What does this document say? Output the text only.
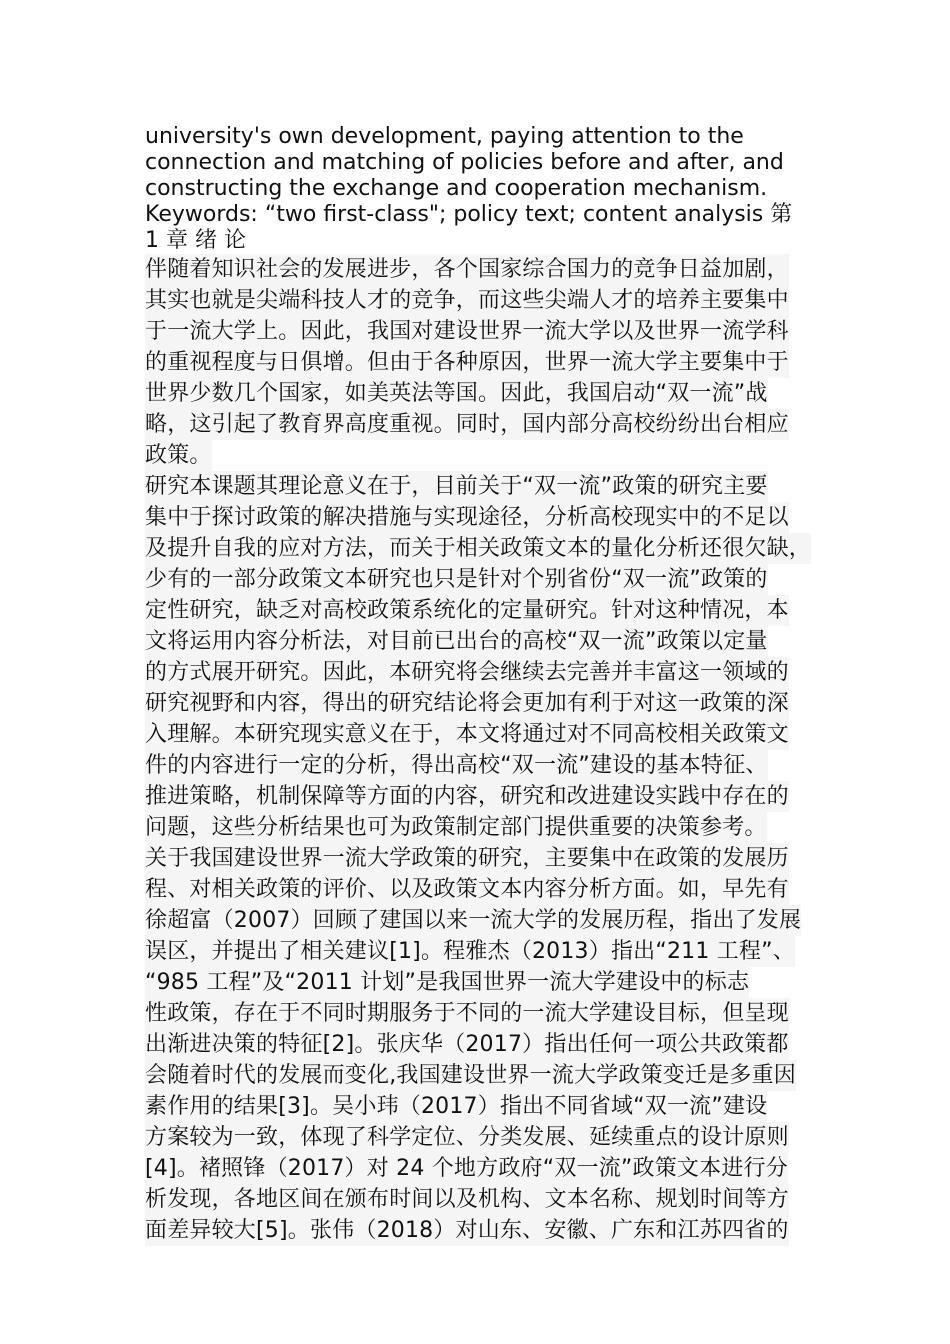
university's own development, paying attention to the
connection and matching of policies before and after, and
constructing the exchange and cooperation mechanism.
Keywords: “two first-class"; policy text; content analysis 第
1 章 绪 论
伴随着知识社会的发展进步，各个国家综合国力的竞争日益加剧，
其实也就是尖端科技人才的竞争，而这些尖端人才的培养主要集中
于一流大学上。因此，我国对建设世界一流大学以及世界一流学科
的重视程度与日俱增。但由于各种原因，世界一流大学主要集中于
世界少数几个国家，如美英法等国。因此，我国启动“双一流”战
略，这引起了教育界高度重视。同时，国内部分高校纷纷出台相应
政策。
研究本课题其理论意义在于，目前关于“双一流”政策的研究主要
集中于探讨政策的解决措施与实现途径，分析高校现实中的不足以
及提升自我的应对方法，而关于相关政策文本的量化分析还很欠缺，
少有的一部分政策文本研究也只是针对个别省份“双一流”政策的
定性研究，缺乏对高校政策系统化的定量研究。针对这种情况，本
文将运用内容分析法，对目前已出台的高校“双一流”政策以定量
的方式展开研究。因此，本研究将会继续去完善并丰富这一领域的
研究视野和内容，得出的研究结论将会更加有利于对这一政策的深
入理解。本研究现实意义在于，本文将通过对不同高校相关政策文
件的内容进行一定的分析，得出高校“双一流”建设的基本特征、
推进策略，机制保障等方面的内容，研究和改进建设实践中存在的
问题，这些分析结果也可为政策制定部门提供重要的决策参考。
关于我国建设世界一流大学政策的研究，主要集中在政策的发展历
程、对相关政策的评价、以及政策文本内容分析方面。如，早先有
徐超富（2007）回顾了建国以来一流大学的发展历程，指出了发展
误区，并提出了相关建议[1]。程雅杰（2013）指出“211 工程”、
“985 工程”及“2011 计划”是我国世界一流大学建设中的标志
性政策，存在于不同时期服务于不同的一流大学建设目标，但呈现
出渐进决策的特征[2]。张庆华（2017）指出任何一项公共政策都
会随着时代的发展而变化,我国建设世界一流大学政策变迁是多重因
素作用的结果[3]。吴小玮（2017）指出不同省域“双一流”建设
方案较为一致，体现了科学定位、分类发展、延续重点的设计原则
[4]。褚照锋（2017）对 24 个地方政府“双一流”政策文本进行分
析发现，各地区间在颁布时间以及机构、文本名称、规划时间等方
面差异较大[5]。张伟（2018）对山东、安徽、广东和江苏四省的
